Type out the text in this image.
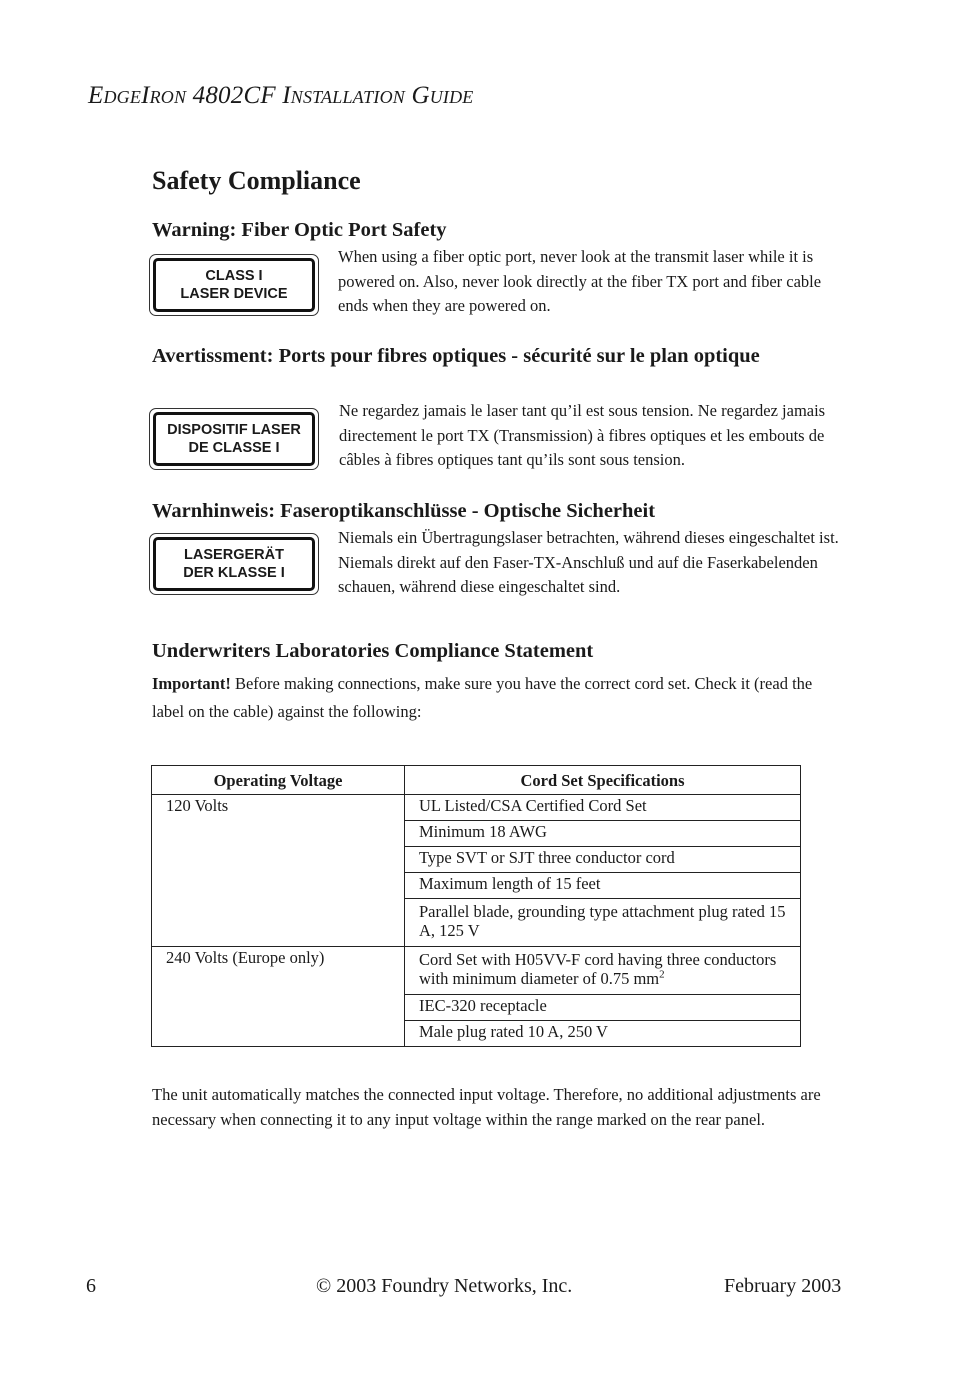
EdgeIron 4802CF Installation Guide
Safety Compliance
Warning: Fiber Optic Port Safety
CLASS I
LASER DEVICE

When using a fiber optic port, never look at the transmit laser while it is powered on. Also, never look directly at the fiber TX port and fiber cable ends when they are powered on.

Avertissment: Ports pour fibres optiques - sécurité sur le plan optique
DISPOSITIF LASER
DE CLASSE I

Ne regardez jamais le laser tant qu’il est sous tension. Ne regardez jamais directement le port TX (Transmission) à fibres optiques et les embouts de câbles à fibres optiques tant qu’ils sont sous tension.

Warnhinweis: Faseroptikanschlüsse - Optische Sicherheit
LASERGERÄT
DER KLASSE I

Niemals ein Übertragungslaser betrachten, während dieses eingeschaltet ist. Niemals direkt auf den Faser-TX-Anschluß und auf die Faserkabelenden schauen, während diese eingeschaltet sind.

Underwriters Laboratories Compliance Statement

Important! Before making connections, make sure you have the correct cord set. Check it (read the label on the cable) against the following:

Operating Voltage	Cord Set Specifications
120 Volts	UL Listed/CSA Certified Cord Set
	Minimum 18 AWG
	Type SVT or SJT three conductor cord
	Maximum length of 15 feet
	Parallel blade, grounding type attachment plug rated 15 A, 125 V
240 Volts (Europe only)	Cord Set with H05VV-F cord having three conductors with minimum diameter of 0.75 $mm^2$
	IEC-320 receptacle
	Male plug rated 10 A, 250 V

The unit automatically matches the connected input voltage. Therefore, no additional adjustments are necessary when connecting it to any input voltage within the range marked on the rear panel.

6	© 2003 Foundry Networks, Inc.	February 2003
